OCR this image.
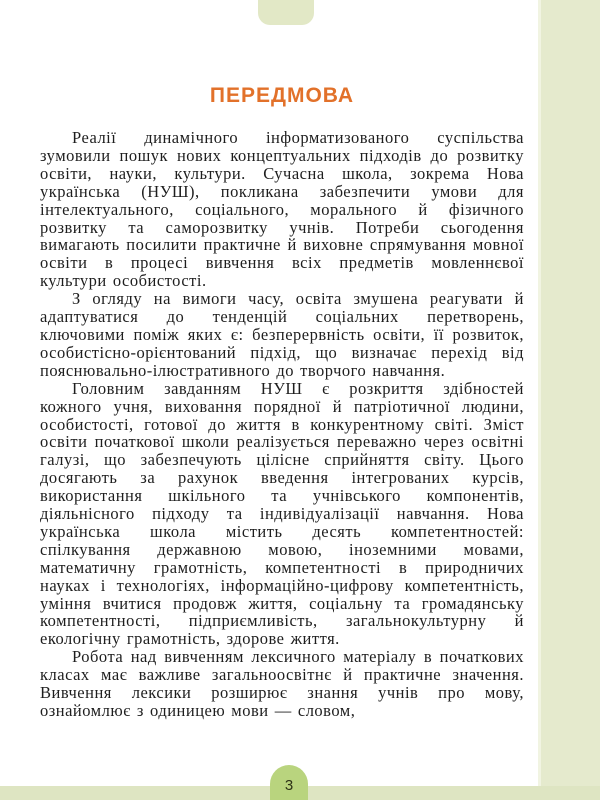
ПЕРЕДМОВА

Реалії динамічного інформатизованого суспільства зумовили пошук нових концептуальних підходів до розвитку освіти, науки, культури. Сучасна школа, зокрема Нова українська (НУШ), покликана забезпечити умови для інтелектуального, соціального, морального й фізичного розвитку та саморозвитку учнів. Потреби сьогодення вимагають посилити практичне й виховне спрямування мовної освіти в процесі вивчення всіх предметів мовленнєвої культури особистості.

З огляду на вимоги часу, освіта змушена реагувати й адаптуватися до тенденцій соціальних перетворень, ключовими поміж яких є: безперервність освіти, її розвиток, особистісно-орієнтований підхід, що визначає перехід від пояснювально-ілюстративного до творчого навчання.

Головним завданням НУШ є розкриття здібностей кожного учня, виховання порядної й патріотичної людини, особистості, готової до життя в конкурентному світі. Зміст освіти початкової школи реалізується переважно через освітні галузі, що забезпечують цілісне сприйняття світу. Цього досягають за рахунок введення інтегрованих курсів, використання шкільного та учнівського компонентів, діяльнісного підходу та індивідуалізації навчання. Нова українська школа містить десять компетентностей: спілкування державною мовою, іноземними мовами, математичну грамотність, компетентності в природничих науках і технологіях, інформаційно-цифрову компетентність, уміння вчитися продовж життя, соціальну та громадянську компетентності, підприємливість, загальнокультурну й екологічну грамотність, здорове життя.

Робота над вивченням лексичного матеріалу в початкових класах має важливе загальноосвітнє й практичне значення. Вивчення лексики розширює знання учнів про мову, ознайомлює з одиницею мови — словом,

3
